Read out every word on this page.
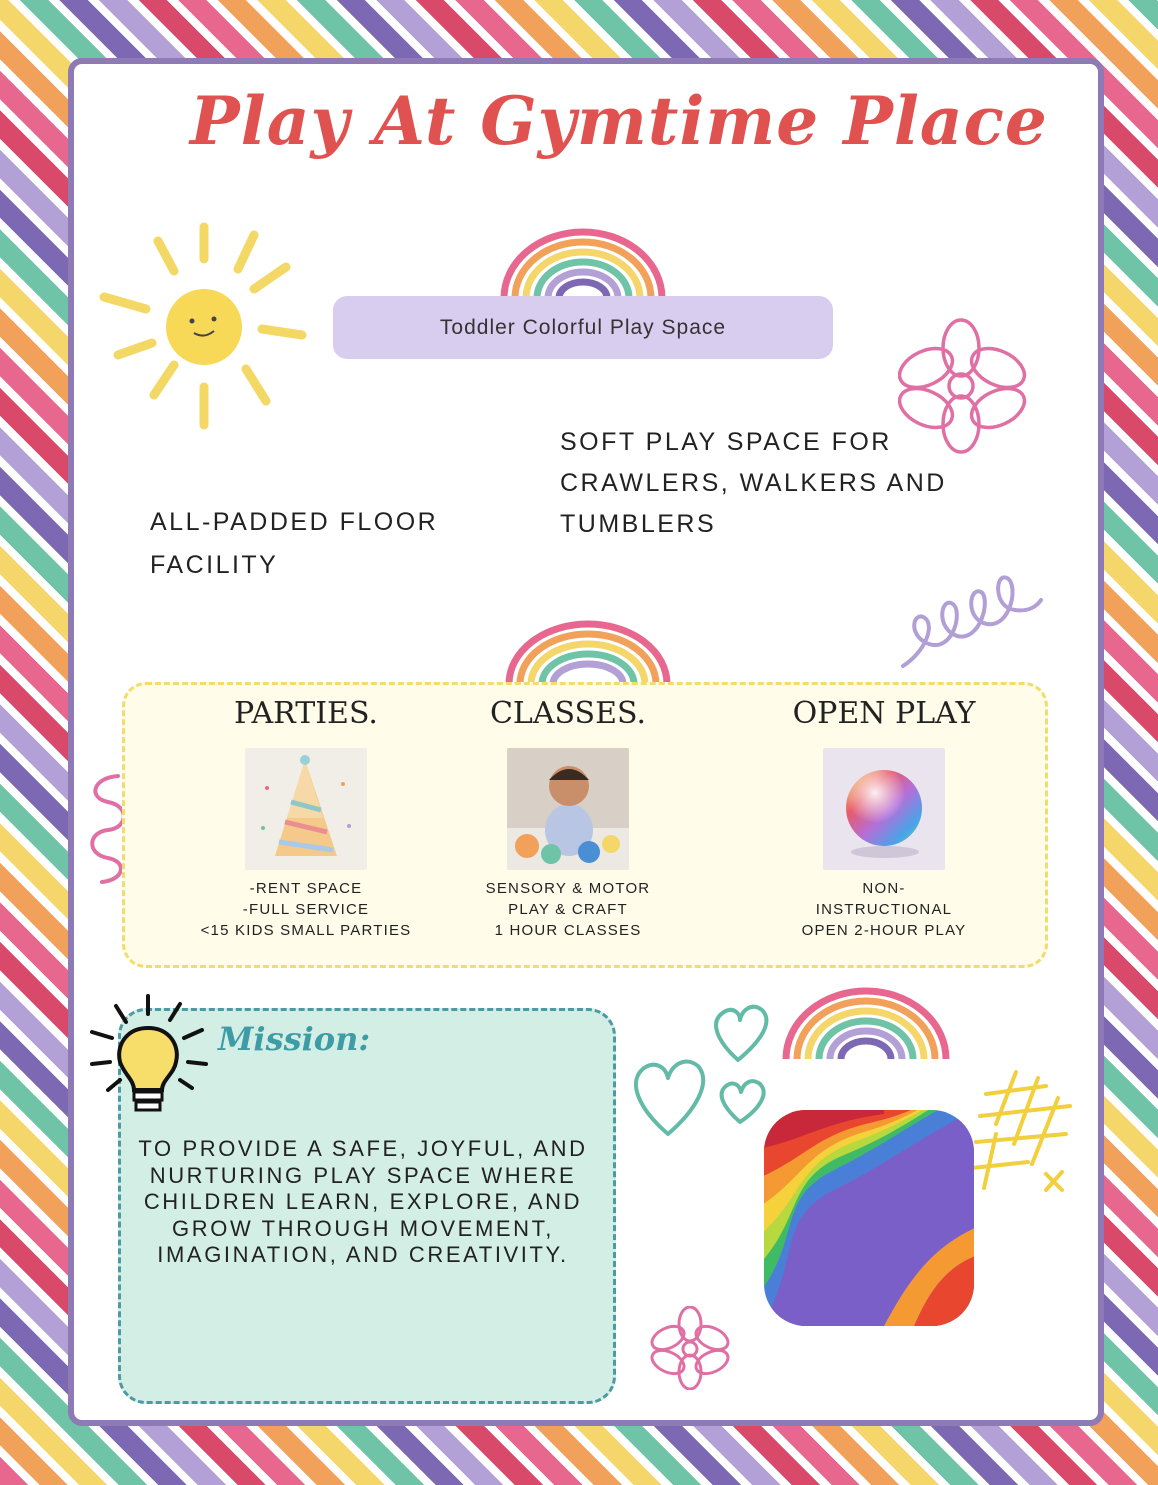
Play At Gymtime Place
Toddler Colorful Play Space
ALL-PADDED FLOOR
FACILITY
SOFT PLAY SPACE FOR
CRAWLERS, WALKERS AND
TUMBLERS
PARTIES.
-RENT SPACE
-FULL SERVICE
<15 KIDS SMALL PARTIES
CLASSES.
SENSORY & MOTOR
PLAY & CRAFT
1 HOUR CLASSES
OPEN PLAY
NON-
INSTRUCTIONAL
OPEN 2-HOUR PLAY
Mission:
TO PROVIDE A SAFE, JOYFUL, AND
NURTURING PLAY SPACE WHERE
CHILDREN LEARN, EXPLORE, AND
GROW THROUGH MOVEMENT,
IMAGINATION, AND CREATIVITY.
